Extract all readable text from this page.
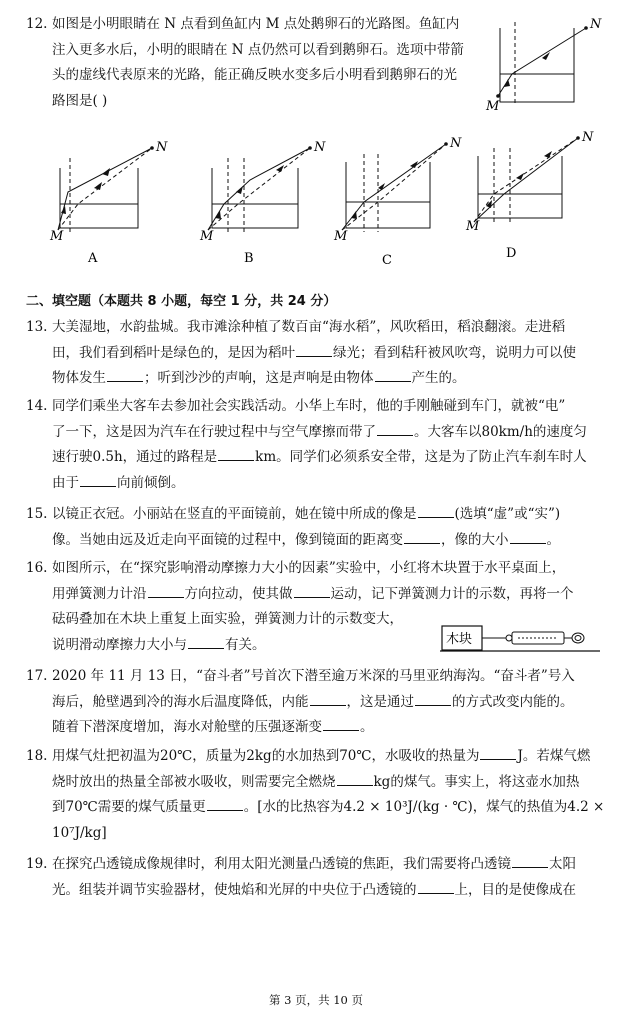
12. 如图是小明眼睛在 N 点看到鱼缸内 M 点处鹅卵石的光路图。鱼缸内
注入更多水后，小明的眼睛在 N 点仍然可以看到鹅卵石。选项中带箭
头的虚线代表原来的光路，能正确反映水变多后小明看到鹅卵石的光
路图是( )
N
M
N
M
A
N
M
B
N
M
C
N
M
D
二、填空题（本题共 8 小题，每空 1 分，共 24 分）
13. 大美湿地，水韵盐城。我市滩涂种植了数百亩“海水稻”，风吹稻田，稻浪翻滚。走进稻
田，我们看到稻叶是绿色的，是因为稻叶	绿光；看到秸秆被风吹弯，说明力可以使
物体发生	；听到沙沙的声响，这是声响是由物体	产生的。
14. 同学们乘坐大客车去参加社会实践活动。小华上车时，他的手刚触碰到车门，就被“电”
了一下，这是因为汽车在行驶过程中与空气摩擦而带了	。大客车以80km/h的速度匀
速行驶0.5h，通过的路程是	km。同学们必须系安全带，这是为了防止汽车刹车时人
由于	向前倾倒。
15. 以镜正衣冠。小丽站在竖直的平面镜前，她在镜中所成的像是	(选填“虚”或“实”)
像。当她由远及近走向平面镜的过程中，像到镜面的距离变	，像的大小	。
16. 如图所示，在“探究影响滑动摩擦力大小的因素”实验中，小红将木块置于水平桌面上，
用弹簧测力计沿	方向拉动，使其做	运动，记下弹簧测力计的示数，再将一个
砝码叠加在木块上重复上面实验，弹簧测力计的示数变大，
说明滑动摩擦力大小与	有关。	木块
17. 2020 年 11 月 13 日，“奋斗者”号首次下潜至逾万米深的马里亚纳海沟。“奋斗者”号入
海后，舱壁遇到冷的海水后温度降低，内能	，这是通过	的方式改变内能的。
随着下潜深度增加，海水对舱壁的压强逐渐变	。
18. 用煤气灶把初温为20℃，质量为2kg的水加热到70℃，水吸收的热量为	J。若煤气燃
烧时放出的热量全部被水吸收，则需要完全燃烧	kg的煤气。事实上，将这壶水加热
到70℃需要的煤气质量更	。[水的比热容为4.2 × 10³J/(kg · ℃)，煤气的热值为4.2 ×
10⁷J/kg]
19. 在探究凸透镜成像规律时，利用太阳光测量凸透镜的焦距，我们需要将凸透镜	太阳
光。组装并调节实验器材，使烛焰和光屏的中央位于凸透镜的	上，目的是使像成在
第 3 页，共 10 页
